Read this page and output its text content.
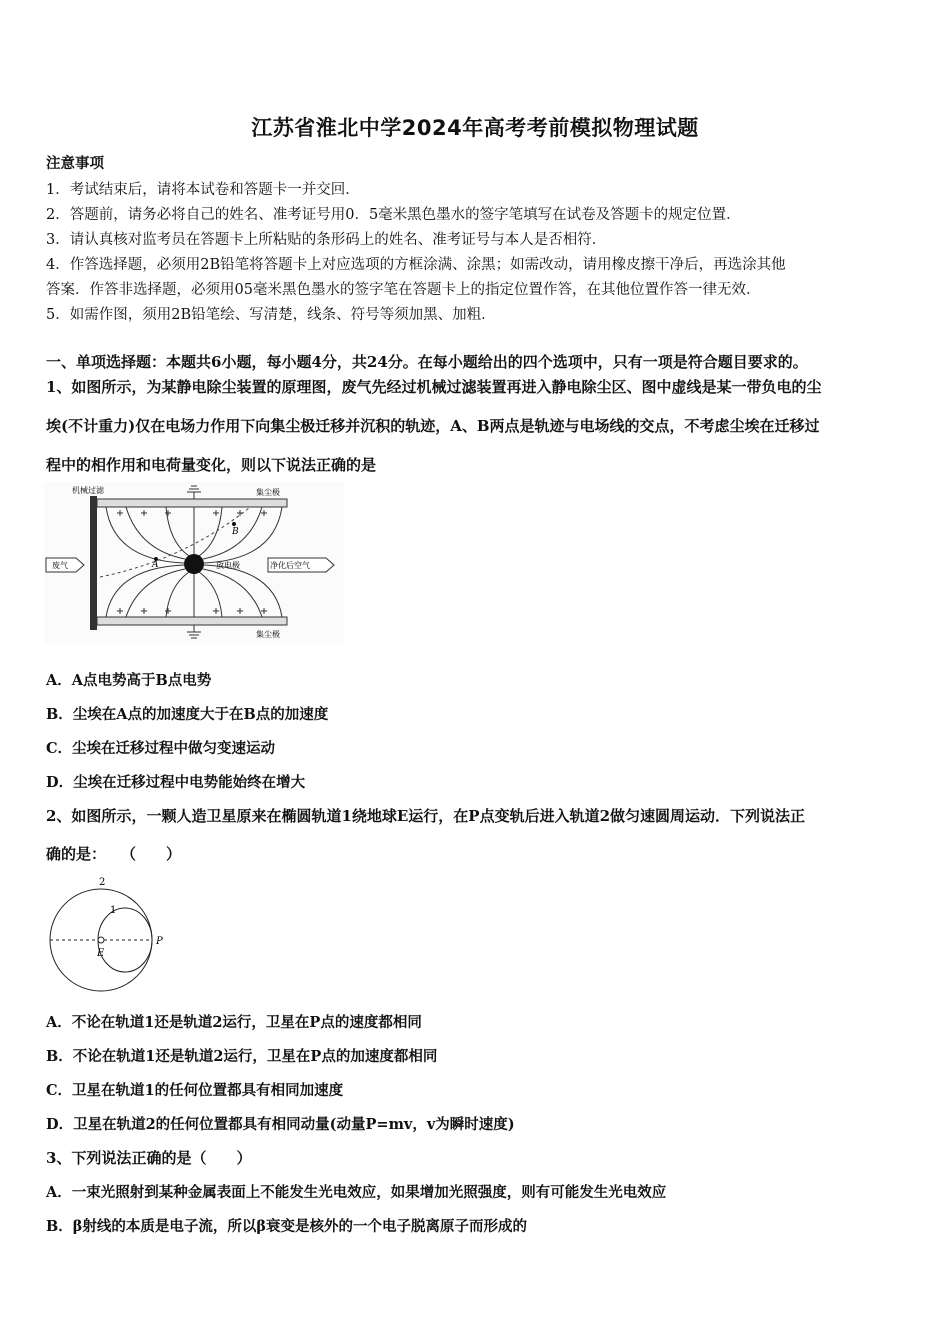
江苏省淮北中学2024年高考考前模拟物理试题
注意事项
1．考试结束后，请将本试卷和答题卡一并交回．
2．答题前，请务必将自己的姓名、准考证号用0．5毫米黑色墨水的签字笔填写在试卷及答题卡的规定位置．
3．请认真核对监考员在答题卡上所粘贴的条形码上的姓名、准考证号与本人是否相符．
4．作答选择题，必须用2B铅笔将答题卡上对应选项的方框涂满、涂黑；如需改动，请用橡皮擦干净后，再选涂其他
答案．作答非选择题，必须用05毫米黑色墨水的签字笔在答题卡上的指定位置作答，在其他位置作答一律无效．
5．如需作图，须用2B铅笔绘、写清楚，线条、符号等须加黑、加粗．
一、单项选择题：本题共6小题，每小题4分，共24分。在每小题给出的四个选项中，只有一项是符合题目要求的。
1、如图所示，为某静电除尘装置的原理图，废气先经过机械过滤装置再进入静电除尘区、图中虚线是某一带负电的尘
埃(不计重力)仅在电场力作用下向集尘极迁移并沉积的轨迹，A、B两点是轨迹与电场线的交点，不考虑尘埃在迁移过
程中的相作用和电荷量变化，则以下说法正确的是
机械过滤	集尘极
集尘极
废气	净化后空气
放电极
A
B
A．A点电势高于B点电势
B．尘埃在A点的加速度大于在B点的加速度
C．尘埃在迁移过程中做匀变速运动
D．尘埃在迁移过程中电势能始终在增大
2、如图所示，一颗人造卫星原来在椭圆轨道1绕地球E运行，在P点变轨后进入轨道2做匀速圆周运动．下列说法正
确的是：　　（　　）
2
1
E
P
A．不论在轨道1还是轨道2运行，卫星在P点的速度都相同
B．不论在轨道1还是轨道2运行，卫星在P点的加速度都相同
C．卫星在轨道1的任何位置都具有相同加速度
D．卫星在轨道2的任何位置都具有相同动量(动量P=mv，v为瞬时速度)
3、下列说法正确的是（　　）
A．一束光照射到某种金属表面上不能发生光电效应，如果增加光照强度，则有可能发生光电效应
B．β射线的本质是电子流，所以β衰变是核外的一个电子脱离原子而形成的
